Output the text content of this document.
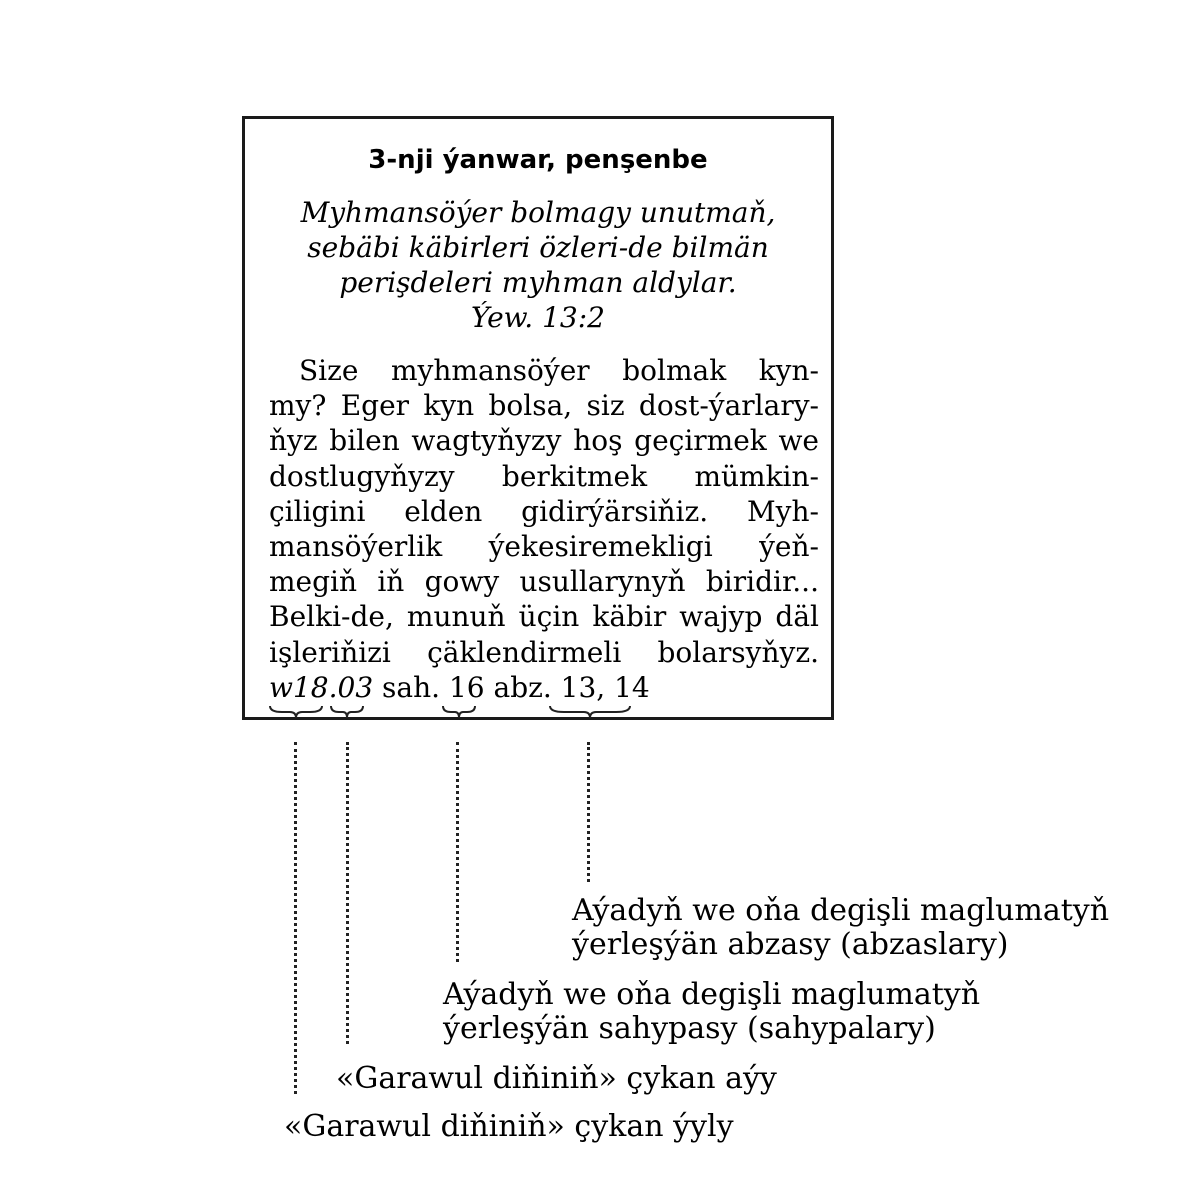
3-nji ýanwar, penşenbe
Myhmansöýer bolmagy unutmaň,
sebäbi käbirleri özleri-de bilmän
perişdeleri myhman aldylar.
Ýew. 13:2
Size myhmansöýer bolmak kyn-
my? Eger kyn bolsa, siz dost-ýarlary-
ňyz bilen wagtyňyzy hoş geçirmek we
dostlugyňyzy berkitmek mümkin-
çiligini elden gidirýärsiňiz. Myh-
mansöýerlik ýekesiremekligi ýeň-
megiň iň gowy usullarynyň biridir...
Belki-de, munuň üçin käbir wajyp däl
işleriňizi çäklendirmeli bolarsyňyz.
w18.03 sah. 16 abz. 13, 14
Aýadyň we oňa degişli maglumatyň
ýerleşýän abzasy (abzaslary)
Aýadyň we oňa degişli maglumatyň
ýerleşýän sahypasy (sahypalary)
«Garawul diňiniň» çykan aýy
«Garawul diňiniň» çykan ýyly
